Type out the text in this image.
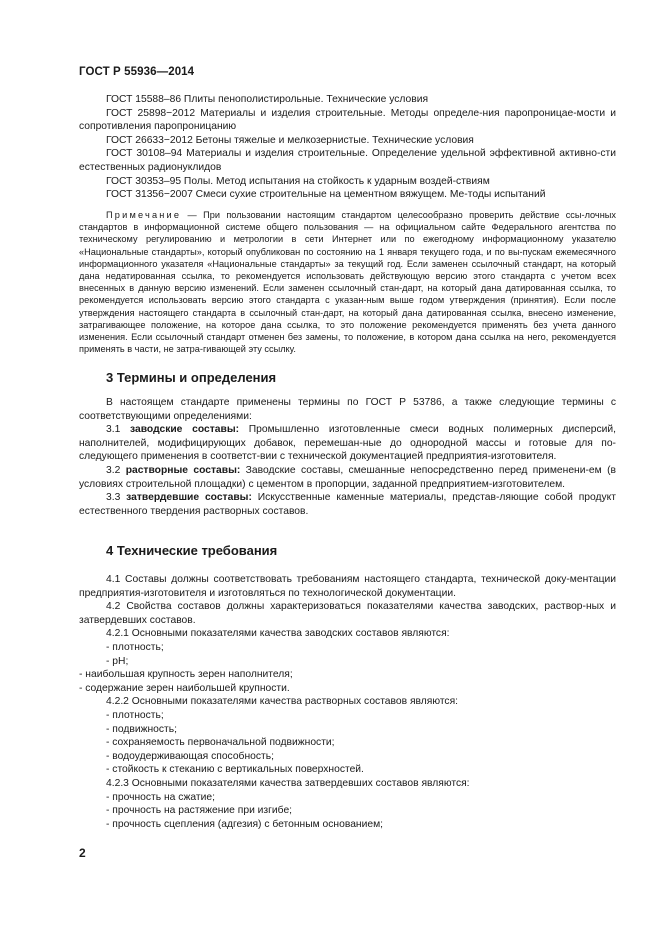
ГОСТ Р 55936—2014

ГОСТ 15588–86 Плиты пенополистирольные. Технические условия

ГОСТ 25898−2012 Материалы и изделия строительные. Методы определе-ния паропроницае-мости и сопротивления паропроницанию

ГОСТ 26633−2012 Бетоны тяжелые и мелкозернистые. Технические условия

ГОСТ 30108–94 Материалы и изделия строительные. Определение удельной эффективной активно-сти естественных радионуклидов

ГОСТ 30353–95 Полы. Метод испытания на стойкость к ударным воздей-ствиям

ГОСТ 31356−2007 Смеси сухие строительные на цементном вяжущем. Ме-тоды испытаний

Примечание — При пользовании настоящим стандартом целесообразно проверить действие ссы-лочных стандартов в информационной системе общего пользования — на официальном сайте Федерального агентства по техническому регулированию и метрологии в сети Интернет или по ежегодному информационному указателю «Национальные стандарты», который опубликован по состоянию на 1 января текущего года, и по вы-пускам ежемесячного информационного указателя «Национальные стандарты» за текущий год. Если заменен ссылочный стандарт, на который дана недатированная ссылка, то рекомендуется использовать действующую версию этого стандарта с учетом всех внесенных в данную версию изменений. Если заменен ссылочный стан-дарт, на который дана датированная ссылка, то рекомендуется использовать версию этого стандарта с указан-ным выше годом утверждения (принятия). Если после утверждения настоящего стандарта в ссылочный стан-дарт, на который дана датированная ссылка, внесено изменение, затрагивающее положение, на которое дана ссылка, то это положение рекомендуется применять без учета данного изменения. Если ссылочный стандарт отменен без замены, то положение, в котором дана ссылка на него, рекомендуется применять в части, не затра-гивающей эту ссылку.

3 Термины и определения

В настоящем стандарте применены термины по ГОСТ Р 53786, а также следующие термины с соответствующими определениями:

3.1 заводские составы: Промышленно изготовленные смеси водных полимерных дисперсий, наполнителей, модифицирующих добавок, перемешан-ные до однородной массы и готовые для по-следующего применения в соответст-вии с технической документацией предприятия-изготовителя.

3.2 растворные составы: Заводские составы, смешанные непосредственно перед применени-ем (в условиях строительной площадки) с цементом в пропорции, заданной предприятием-изготовителем.

3.3 затвердевшие составы: Искусственные каменные материалы, представ-ляющие собой продукт естественного твердения растворных составов.

4 Технические требования

4.1 Составы должны соответствовать требованиям настоящего стандарта, технической доку-ментации предприятия-изготовителя и изготовляться по технологической документации.

4.2 Свойства составов должны характеризоваться показателями качества заводских, раствор-ных и затвердевших составов.

4.2.1 Основными показателями качества заводских составов являются:

- плотность;

- рН;

- наибольшая крупность зерен наполнителя;

- содержание зерен наибольшей крупности.

4.2.2 Основными показателями качества растворных составов являются:

- плотность;

- подвижность;

- сохраняемость первоначальной подвижности;

- водоудерживающая способность;

- стойкость к стеканию с вертикальных поверхностей.

4.2.3 Основными показателями качества затвердевших составов являются:

- прочность на сжатие;

- прочность на растяжение при изгибе;

- прочность сцепления (адгезия) с бетонным основанием;

2
